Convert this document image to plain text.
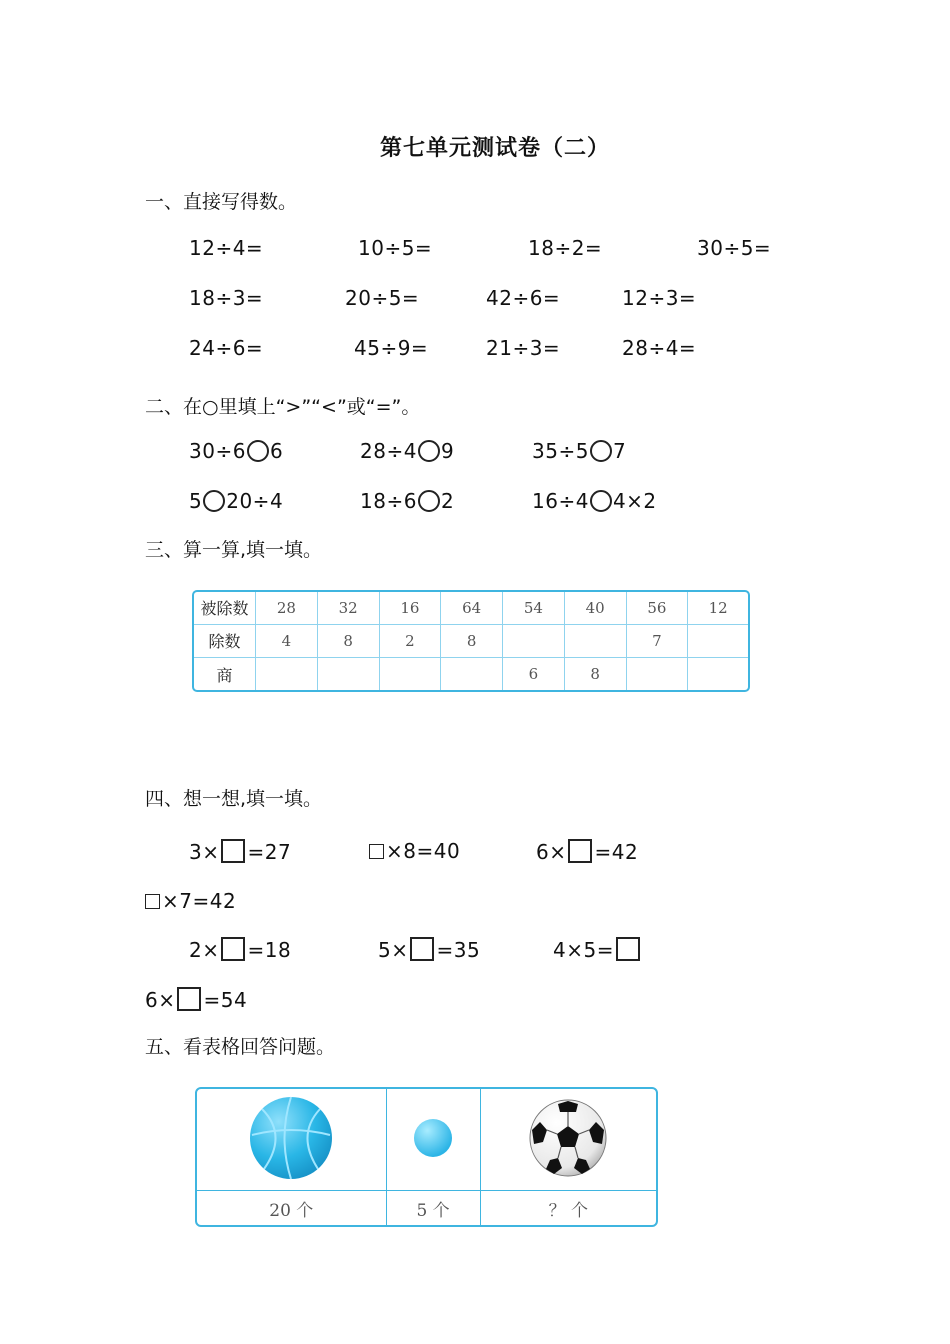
第七单元测试卷（二）
一、直接写得数。
12÷4=	10÷5=	18÷2=	30÷5=
18÷3=	20÷5=	42÷6=	12÷3=
24÷6=	45÷9=	21÷3=	28÷4=
二、在○里填上“>”“<”或“=”。
30÷6 6	28÷4 9	35÷5 7
5 20÷4	18÷6 2	16÷4 4×2
三、算一算,填一填。
被除数	28	32	16	64	54	40	56	12
除数	4	8	2	8			7	
商					6	8		
四、想一想,填一填。
3× =27	×8=40	6× =42
×7=42
2× =18	5× =35	4×5=
6× =54
五、看表格回答问题。

20 个	5 个	？ 个
